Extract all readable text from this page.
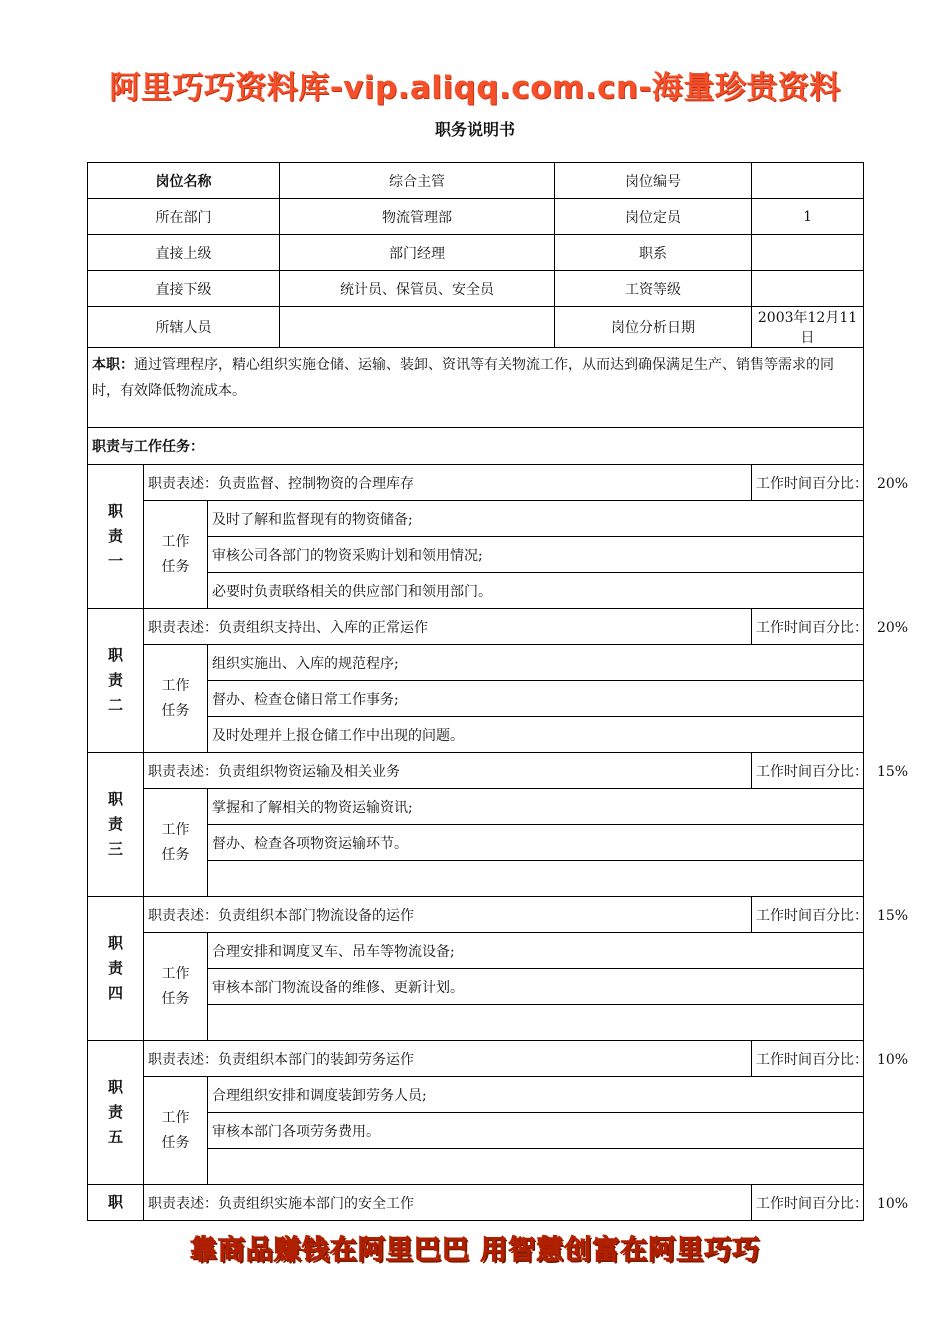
阿里巧巧资料库-vip.aliqq.com.cn-海量珍贵资料
职务说明书
岗位名称			综合主管	岗位编号	
所在部门			物流管理部	岗位定员	1
直接上级			部门经理	职系	
直接下级			统计员、保管员、安全员	工资等级	
所辖人员				岗位分析日期	2003年12月11日
本职：通过管理程序，精心组织实施仓储、运输、装卸、资讯等有关物流工作，从而达到确保满足生产、销售等需求的同时，有效降低物流成本。					
职责与工作任务：					
职
责
一	职责表述：负责监督、控制物资的合理库存				工作时间百分比： 20%
	工作
任务	及时了解和监督现有的物资储备;			
		审核公司各部门的物资采购计划和领用情况;			
		必要时负责联络相关的供应部门和领用部门。			
职
责
二	职责表述：负责组织支持出、入库的正常运作				工作时间百分比： 20%
	工作
任务	组织实施出、入库的规范程序;			
		督办、检查仓储日常工作事务;			
		及时处理并上报仓储工作中出现的问题。			
职
责
三	职责表述：负责组织物资运输及相关业务				工作时间百分比： 15%
	工作
任务	掌握和了解相关的物资运输资讯;			
		督办、检查各项物资运输环节。			

职
责
四	职责表述：负责组织本部门物流设备的运作				工作时间百分比： 15%
	工作
任务	合理安排和调度叉车、吊车等物流设备;			
		审核本部门物流设备的维修、更新计划。			

职
责
五	职责表述：负责组织本部门的装卸劳务运作				工作时间百分比： 10%
	工作
任务	合理组织安排和调度装卸劳务人员;			
		审核本部门各项劳务费用。			

职	职责表述：负责组织实施本部门的安全工作				工作时间百分比： 10%
靠商品赚钱在阿里巴巴 用智慧创富在阿里巧巧
